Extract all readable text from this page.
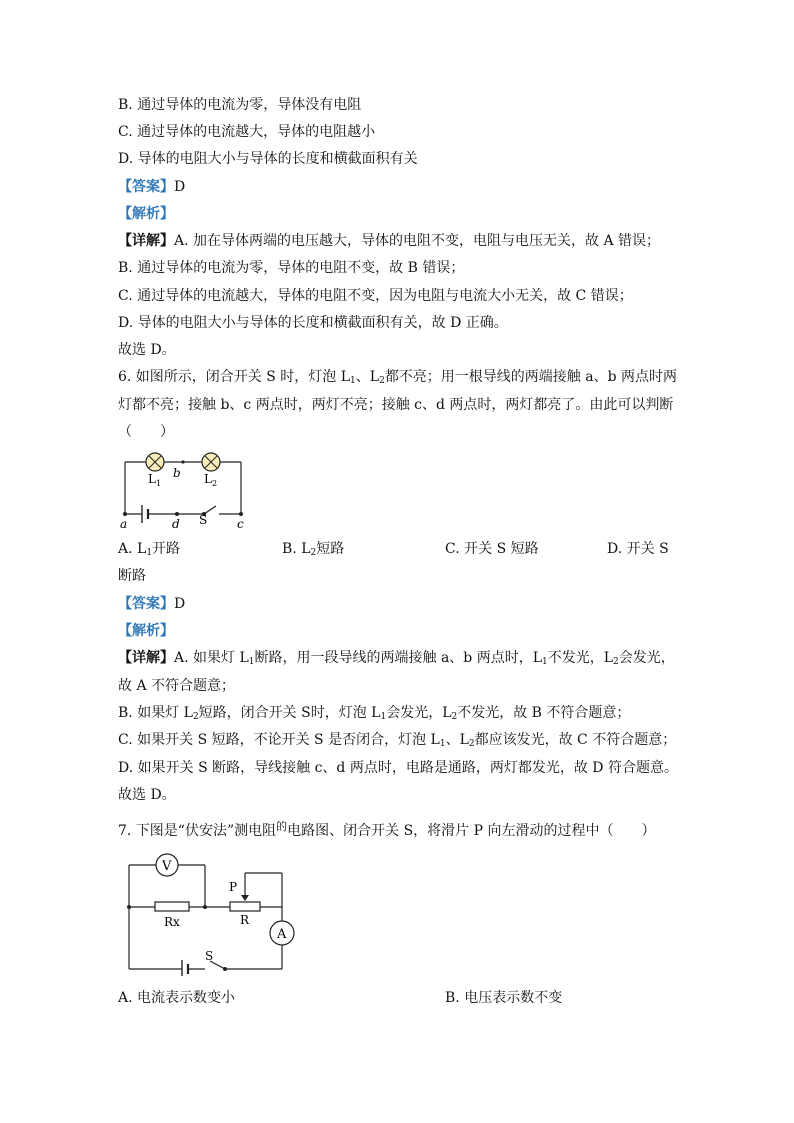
B. 通过导体的电流为零，导体没有电阻
C. 通过导体的电流越大，导体的电阻越小
D. 导体的电阻大小与导体的长度和横截面积有关
【答案】D
【解析】
【详解】A. 加在导体两端的电压越大，导体的电阻不变，电阻与电压无关，故 A 错误；
B. 通过导体的电流为零，导体的电阻不变，故 B 错误；
C. 通过导体的电流越大，导体的电阻不变，因为电阻与电流大小无关，故 C 错误；
D. 导体的电阻大小与导体的长度和横截面积有关，故 D 正确。
故选 D。
6. 如图所示，闭合开关 S 时，灯泡 $L_1$、$L_2$都不亮；用一根导线的两端接触 a、b 两点时两
灯都不亮；接触 b、c 两点时，两灯不亮；接触 c、d 两点时，两灯都亮了。由此可以判断
（　　）
$L_1$	$L_2$
b
a	d	c
S
A. $L_1$开路	B. $L_2$短路	C. 开关 S 短路	D. 开关 S
断路
【答案】D
【解析】
【详解】A. 如果灯 $L_1$断路，用一段导线的两端接触 a、b 两点时，$L_1$不发光，$L_2$会发光，
故 A 不符合题意；
B. 如果灯 $L_2$短路，闭合开关 S时，灯泡 $L_1$会发光，$L_2$不发光，故 B 不符合题意；
C. 如果开关 S 短路，不论开关 S 是否闭合，灯泡 $L_1$、$L_2$都应该发光，故 C 不符合题意；
D. 如果开关 S 断路，导线接触 c、d 两点时，电路是通路，两灯都发光，故 D 符合题意。
故选 D。
7. 下图是“伏安法”测电阻$^的$电路图、闭合开关 S，将滑片 P 向左滑动的过程中（　　）
V
A
P
R
Rx
S
A. 电流表示数变小	B. 电压表示数不变
